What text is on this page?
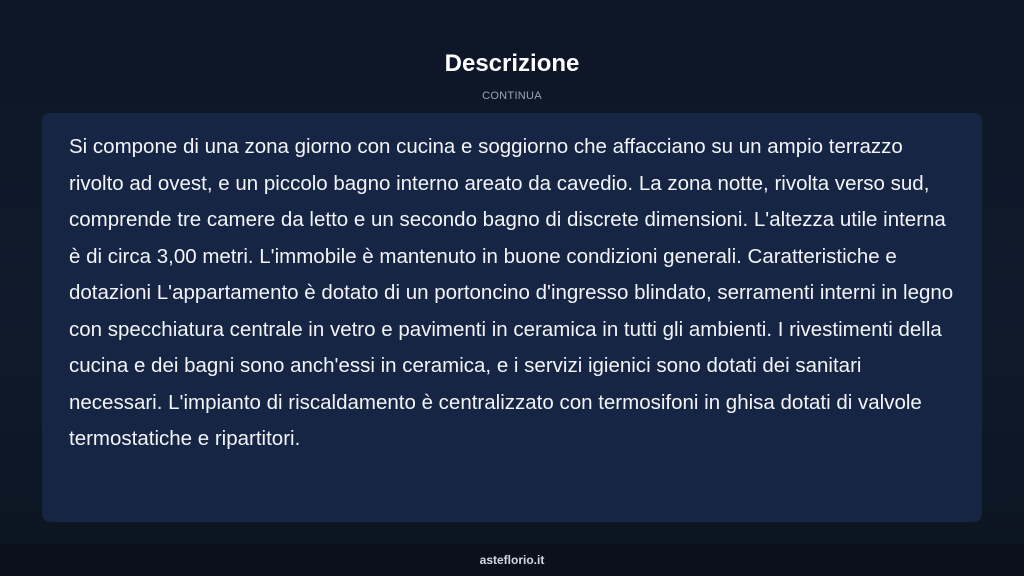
Descrizione
CONTINUA

Si compone di una zona giorno con cucina e soggiorno che affacciano su un ampio terrazzo rivolto ad ovest, e un piccolo bagno interno areato da cavedio. La zona notte, rivolta verso sud, comprende tre camere da letto e un secondo bagno di discrete dimensioni. L'altezza utile interna è di circa 3,00 metri. L'immobile è mantenuto in buone condizioni generali. Caratteristiche e dotazioni L'appartamento è dotato di un portoncino d'ingresso blindato, serramenti interni in legno con specchiatura centrale in vetro e pavimenti in ceramica in tutti gli ambienti. I rivestimenti della cucina e dei bagni sono anch'essi in ceramica, e i servizi igienici sono dotati dei sanitari necessari. L'impianto di riscaldamento è centralizzato con termosifoni in ghisa dotati di valvole termostatiche e ripartitori.

asteflorio.it
